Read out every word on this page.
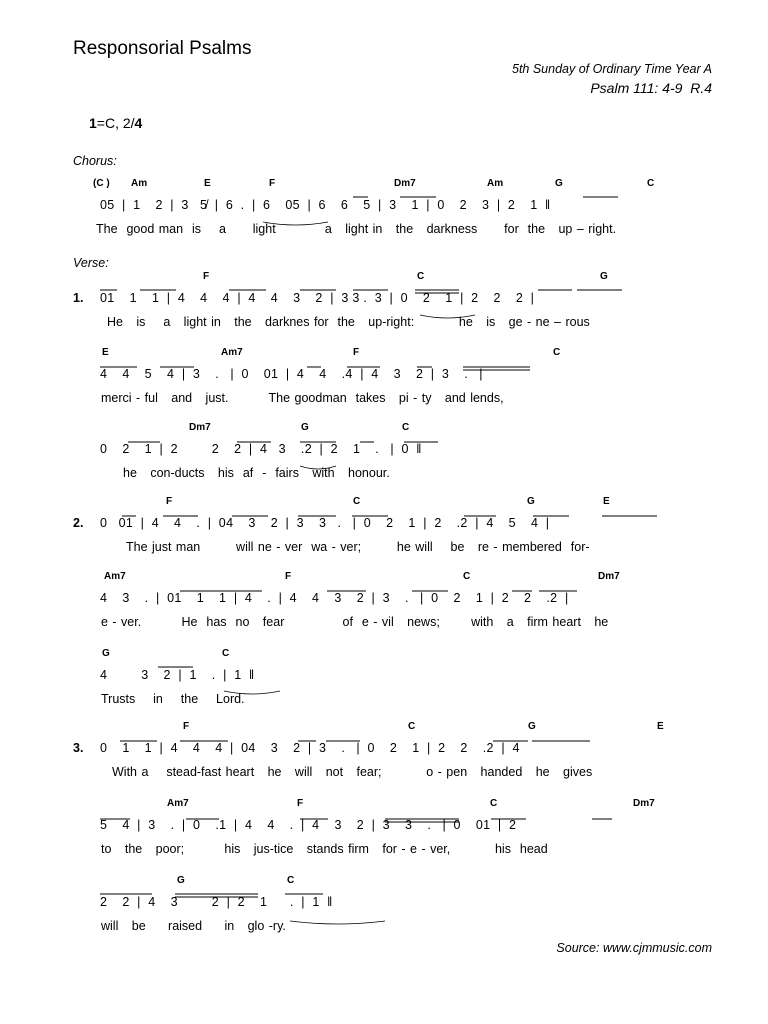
Responsorial Psalms
5th Sunday of Ordinary Time Year A
Psalm 111: 4-9  R.4
1=C, 2/4
Chorus:
Verse:
(C ) Am	E	F	Dm7	Am	G	C
05  |  1    2  |  3   5̸  |  6  .  |  6    05  |  6    6    5  |  3    1  |  0    2    3  |  2    1  ‖
The  good man  is    a      light           a   light in   the   darkness      for  the   up – right.
F	C	G
1. 01    1    1  |  4    4    4  |  4    4    3    2  |  3 3 .  3  |  0    2    1  |  2    2    2  |
He   is    a   light in   the   darknes for  the   up-right:          he   is   ge - ne – rous
E	Am7	F	C
4    4    5    4  |  3    .   |  0    01  |  4    4    .4  |  4    3    2  |  3    .   |
merci - ful   and   just.         The goodman  takes   pi - ty   and lends,
Dm7	G	C
0    2    1  |  2         2    2  |  4   3    .2  |  2    1    .   |  0  ‖
he   con-ducts   his  af  -  fairs   with   honour.
F	C	G	E
2. 0   01  |  4    4    .  |  04    3    2  |  3    3   .   |  0    2    1  |  2    .2  |  4    5    4  |
The just man        will ne - ver  wa - ver;        he will    be   re - membered  for-
Am7	F	C	Dm7
4    3    .  |  01    1    1  |  4    .  |  4    4    3    2  |  3    .   |  0    2    1  |  2    2    .2  |
e - ver.         He  has  no   fear             of  e - vil   news;       with   a   firm heart   he
G	C
4         3    2  |  1    .  |  1  ‖
Trusts    in    the    Lord.
F	C	G	E
3. 0    1    1  |  4    4    4  |  04    3    2  |  3    .   |  0    2    1  |  2    2    .2  |  4
With a    stead-fast heart   he   will   not   fear;          o - pen   handed   he   gives
Am7	F	C	Dm7
5    4  |  3    .  |  0    .1  |  4    4    .  |  4    3    2  |  3    3    .   |  0    01  |  2
to   the   poor;         his   jus-tice   stands firm   for - e - ver,          his  head
G	C
2    2  |  4    3         2  |  2    1      .  |  1  ‖
will   be     raised     in   glo -ry.
Source: www.cjmmusic.com
